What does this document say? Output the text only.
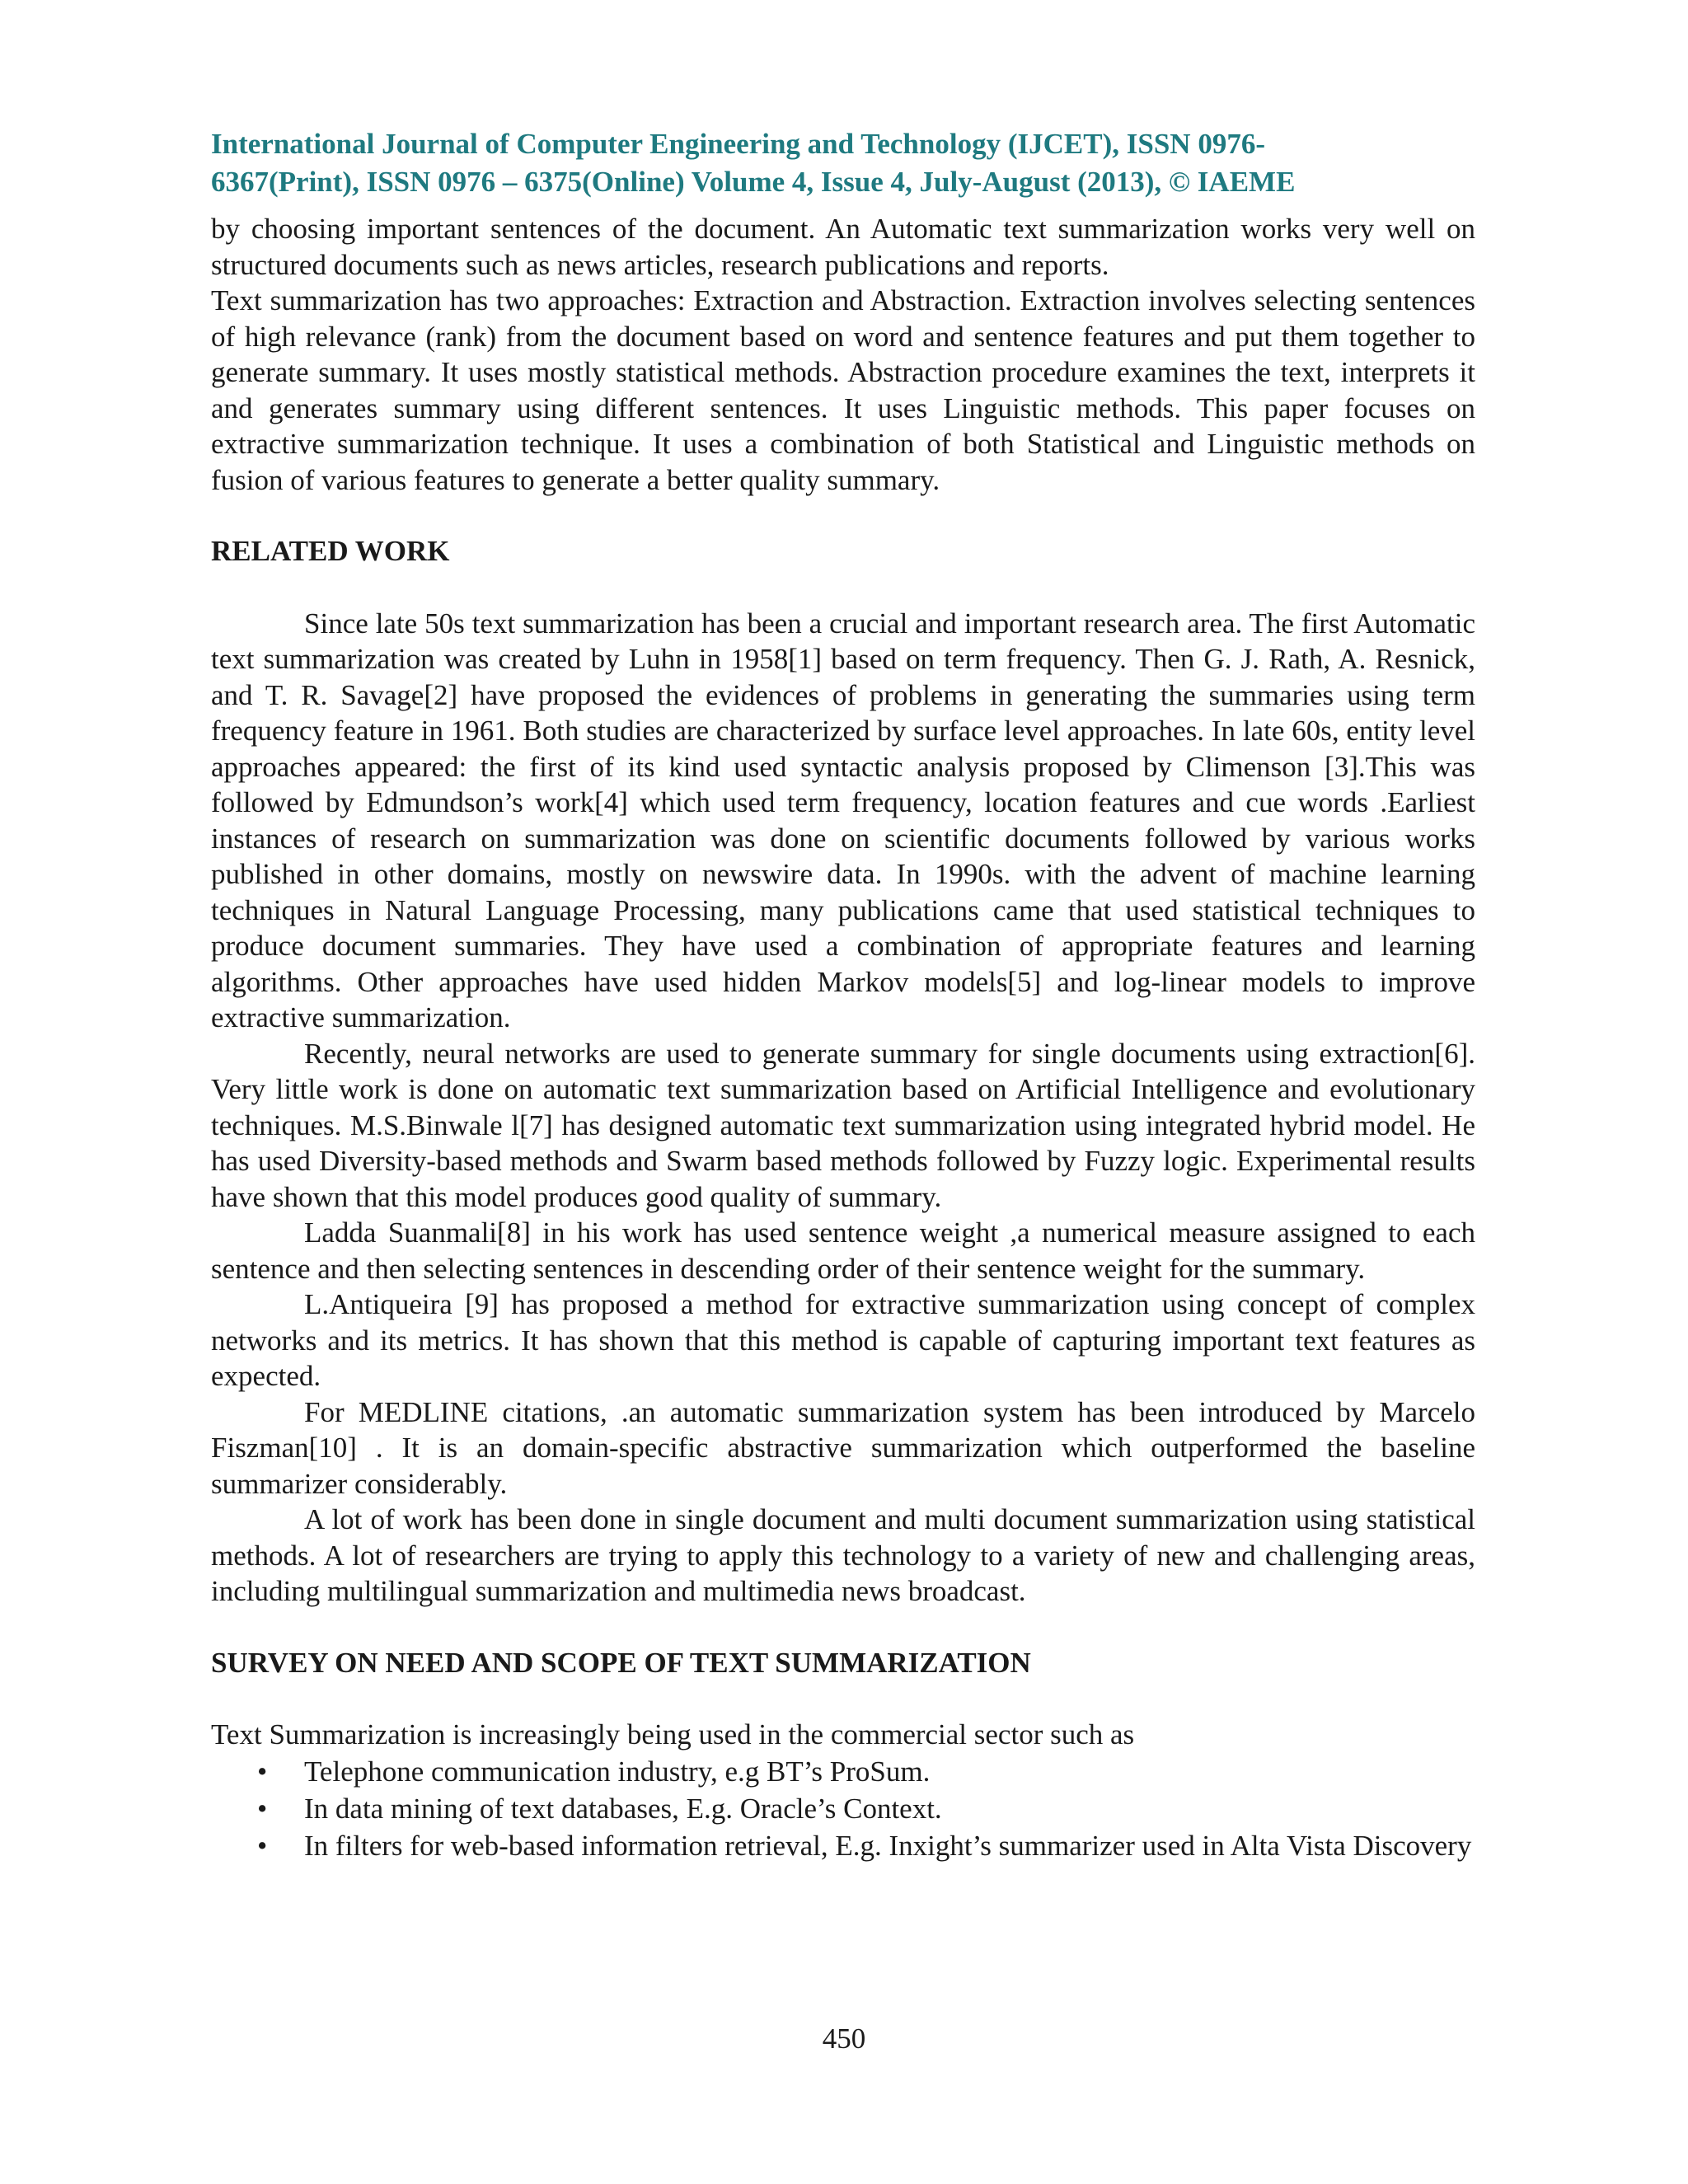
International Journal of Computer Engineering and Technology (IJCET), ISSN 0976-
6367(Print), ISSN 0976 – 6375(Online) Volume 4, Issue 4, July-August (2013), © IAEME

by choosing important sentences of the document. An Automatic text summarization works very well on structured documents such as news articles, research publications and reports.

Text summarization has two approaches: Extraction and Abstraction. Extraction involves selecting sentences of high relevance (rank) from the document based on word and sentence features and put them together to generate summary. It uses mostly statistical methods. Abstraction procedure examines the text, interprets it and generates summary using different sentences. It uses Linguistic methods. This paper focuses on extractive summarization technique. It uses a combination of both Statistical and Linguistic methods on fusion of various features to generate a better quality summary.

RELATED WORK

Since late 50s text summarization has been a crucial and important research area. The first Automatic text summarization was created by Luhn in 1958[1] based on term frequency. Then G. J. Rath, A. Resnick, and T. R. Savage[2] have proposed the evidences of problems in generating the summaries using term frequency feature in 1961. Both studies are characterized by surface level approaches. In late 60s, entity level approaches appeared: the first of its kind used syntactic analysis proposed by Climenson [3].This was followed by Edmundson’s work[4] which used term frequency, location features and cue words .Earliest instances of research on summarization was done on scientific documents followed by various works published in other domains, mostly on newswire data. In 1990s. with the advent of machine learning techniques in Natural Language Processing, many publications came that used statistical techniques to produce document summaries. They have used a combination of appropriate features and learning algorithms. Other approaches have used hidden Markov models[5] and log-linear models to improve extractive summarization.

Recently, neural networks are used to generate summary for single documents using extraction[6]. Very little work is done on automatic text summarization based on Artificial Intelligence and evolutionary techniques. M.S.Binwale l[7] has designed automatic text summarization using integrated hybrid model. He has used Diversity-based methods and Swarm based methods followed by Fuzzy logic. Experimental results have shown that this model produces good quality of summary.

Ladda Suanmali[8] in his work has used sentence weight ,a numerical measure assigned to each sentence and then selecting sentences in descending order of their sentence weight for the summary.

L.Antiqueira [9] has proposed a method for extractive summarization using concept of complex networks and its metrics. It has shown that this method is capable of capturing important text features as expected.

For MEDLINE citations, .an automatic summarization system has been introduced by Marcelo Fiszman[10] . It is an domain-specific abstractive summarization which outperformed the baseline summarizer considerably.

A lot of work has been done in single document and multi document summarization using statistical methods. A lot of researchers are trying to apply this technology to a variety of new and challenging areas, including multilingual summarization and multimedia news broadcast.

SURVEY ON NEED AND SCOPE OF TEXT SUMMARIZATION

Text Summarization is increasingly being used in the commercial sector such as

• Telephone communication industry, e.g BT’s ProSum.
• In data mining of text databases, E.g. Oracle’s Context.
• In filters for web-based information retrieval, E.g. Inxight’s summarizer used in Alta Vista Discovery
450
